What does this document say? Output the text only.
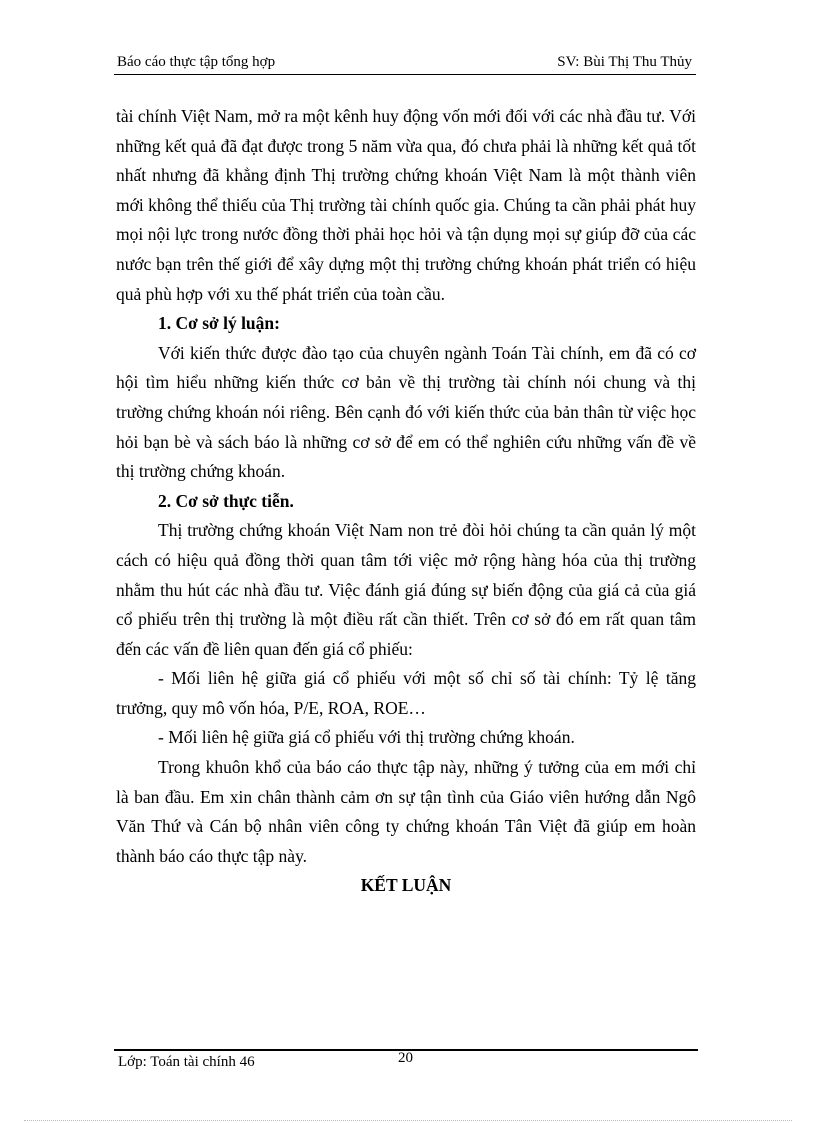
Báo cáo thực tập tổng hợp	SV: Bùi Thị Thu Thủy

tài chính Việt Nam, mở ra một kênh huy động vốn mới đối với các nhà đầu tư. Với những kết quả đã đạt được trong 5 năm vừa qua, đó chưa phải là những kết quả tốt nhất nhưng đã khẳng định Thị trường chứng khoán Việt Nam là một thành viên mới không thể thiếu của Thị trường tài chính quốc gia. Chúng ta cần phải phát huy mọi nội lực trong nước đồng thời phải học hỏi và tận dụng mọi sự giúp đỡ của các nước bạn trên thế giới để xây dựng một thị trường chứng khoán phát triển có hiệu quả phù hợp với xu thế phát triển của toàn cầu.

1. Cơ sở lý luận:

Với kiến thức được đào tạo của chuyên ngành Toán Tài chính, em đã có cơ hội tìm hiểu những kiến thức cơ bản về thị trường tài chính nói chung và thị trường chứng khoán nói riêng. Bên cạnh đó với kiến thức của bản thân từ việc học hỏi bạn bè và sách báo là những cơ sở để em có thể nghiên cứu những vấn đề về thị trường chứng khoán.

2. Cơ sở thực tiễn.

Thị trường chứng khoán Việt Nam non trẻ đòi hỏi chúng ta cần quản lý một cách có hiệu quả đồng thời quan tâm tới việc mở rộng hàng hóa của thị trường nhằm thu hút các nhà đầu tư. Việc đánh giá đúng sự biến động của giá cả của giá cổ phiếu trên thị trường là một điều rất cần thiết. Trên cơ sở đó em rất quan tâm đến các vấn đề liên quan đến giá cổ phiếu:

- Mối liên hệ giữa giá cổ phiếu với một số chỉ số tài chính: Tỷ lệ tăng trưởng, quy mô vốn hóa, P/E, ROA, ROE…

- Mối liên hệ giữa giá cổ phiếu với thị trường chứng khoán.

Trong khuôn khổ của báo cáo thực tập này, những ý tưởng của em mới chỉ là ban đầu. Em xin chân thành cảm ơn sự tận tình của Giáo viên hướng dẫn Ngô Văn Thứ và Cán bộ nhân viên công ty chứng khoán Tân Việt đã giúp em hoàn thành báo cáo thực tập này.

KẾT LUẬN

Lớp: Toán tài chính 46	20
